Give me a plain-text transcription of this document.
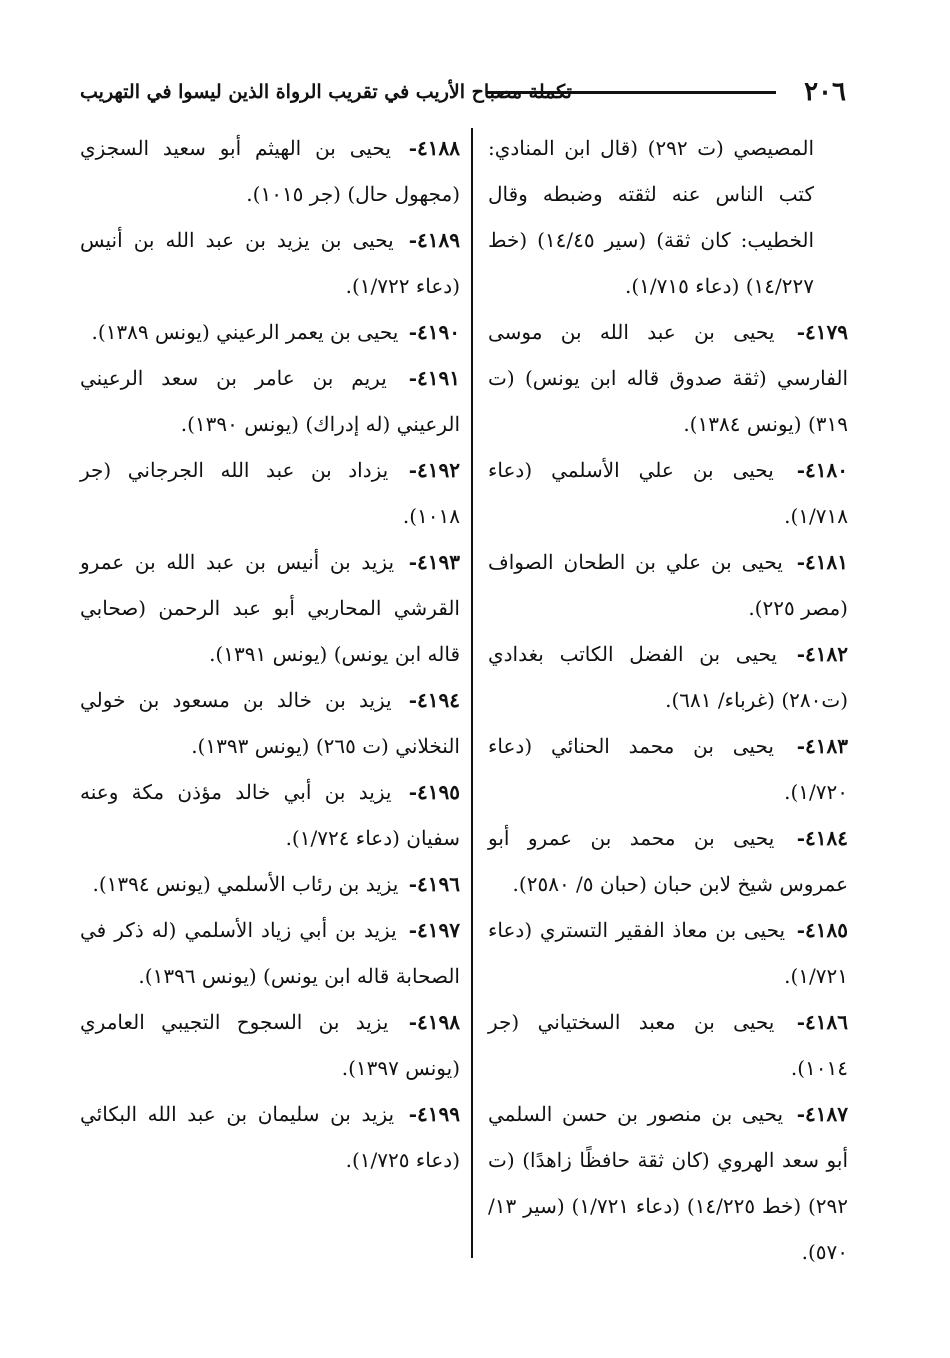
٢٠٦
تكملة مصباح الأريب في تقريب الرواة الذين ليسوا في التهريب

المصيصي (ت ٢٩٢) (قال ابن المنادي: كتب الناس عنه لثقته وضبطه وقال الخطيب: كان ثقة) (سير ١٤/٤٥) (خط ١٤/٢٢٧) (دعاء ١/٧١٥).

٤١٧٩- يحيى بن عبد الله بن موسى الفارسي (ثقة صدوق قاله ابن يونس) (ت ٣١٩) (يونس ١٣٨٤).

٤١٨٠- يحيى بن علي الأسلمي (دعاء ١/٧١٨).

٤١٨١- يحيى بن علي بن الطحان الصواف (مصر ٢٢٥).

٤١٨٢- يحيى بن الفضل الكاتب بغدادي (ت٢٨٠) (غرباء/ ٦٨١).

٤١٨٣- يحيى بن محمد الحنائي (دعاء ١/٧٢٠).

٤١٨٤- يحيى بن محمد بن عمرو أبو عمروس شيخ لابن حبان (حبان ٥/ ٢٥٨٠).

٤١٨٥- يحيى بن معاذ الفقير التستري (دعاء ١/٧٢١).

٤١٨٦- يحيى بن معبد السختياني (جر ١٠١٤).

٤١٨٧- يحيى بن منصور بن حسن السلمي أبو سعد الهروي (كان ثقة حافظًا زاهدًا) (ت ٢٩٢) (خط ١٤/٢٢٥) (دعاء ١/٧٢١) (سير ١٣/ ٥٧٠).

٤١٨٨- يحيى بن الهيثم أبو سعيد السجزي (مجهول حال) (جر ١٠١٥).

٤١٨٩- يحيى بن يزيد بن عبد الله بن أنيس (دعاء ١/٧٢٢).

٤١٩٠- يحيى بن يعمر الرعيني (يونس ١٣٨٩).

٤١٩١- يريم بن عامر بن سعد الرعيني الرعيني (له إدراك) (يونس ١٣٩٠).

٤١٩٢- يزداد بن عبد الله الجرجاني (جر ١٠١٨).

٤١٩٣- يزيد بن أنيس بن عبد الله بن عمرو القرشي المحاربي أبو عبد الرحمن (صحابي قاله ابن يونس) (يونس ١٣٩١).

٤١٩٤- يزيد بن خالد بن مسعود بن خولي النخلاني (ت ٢٦٥) (يونس ١٣٩٣).

٤١٩٥- يزيد بن أبي خالد مؤذن مكة وعنه سفيان (دعاء ١/٧٢٤).

٤١٩٦- يزيد بن رئاب الأسلمي (يونس ١٣٩٤).

٤١٩٧- يزيد بن أبي زياد الأسلمي (له ذكر في الصحابة قاله ابن يونس) (يونس ١٣٩٦).

٤١٩٨- يزيد بن السجوح التجيبي العامري (يونس ١٣٩٧).

٤١٩٩- يزيد بن سليمان بن عبد الله البكائي (دعاء ١/٧٢٥).
